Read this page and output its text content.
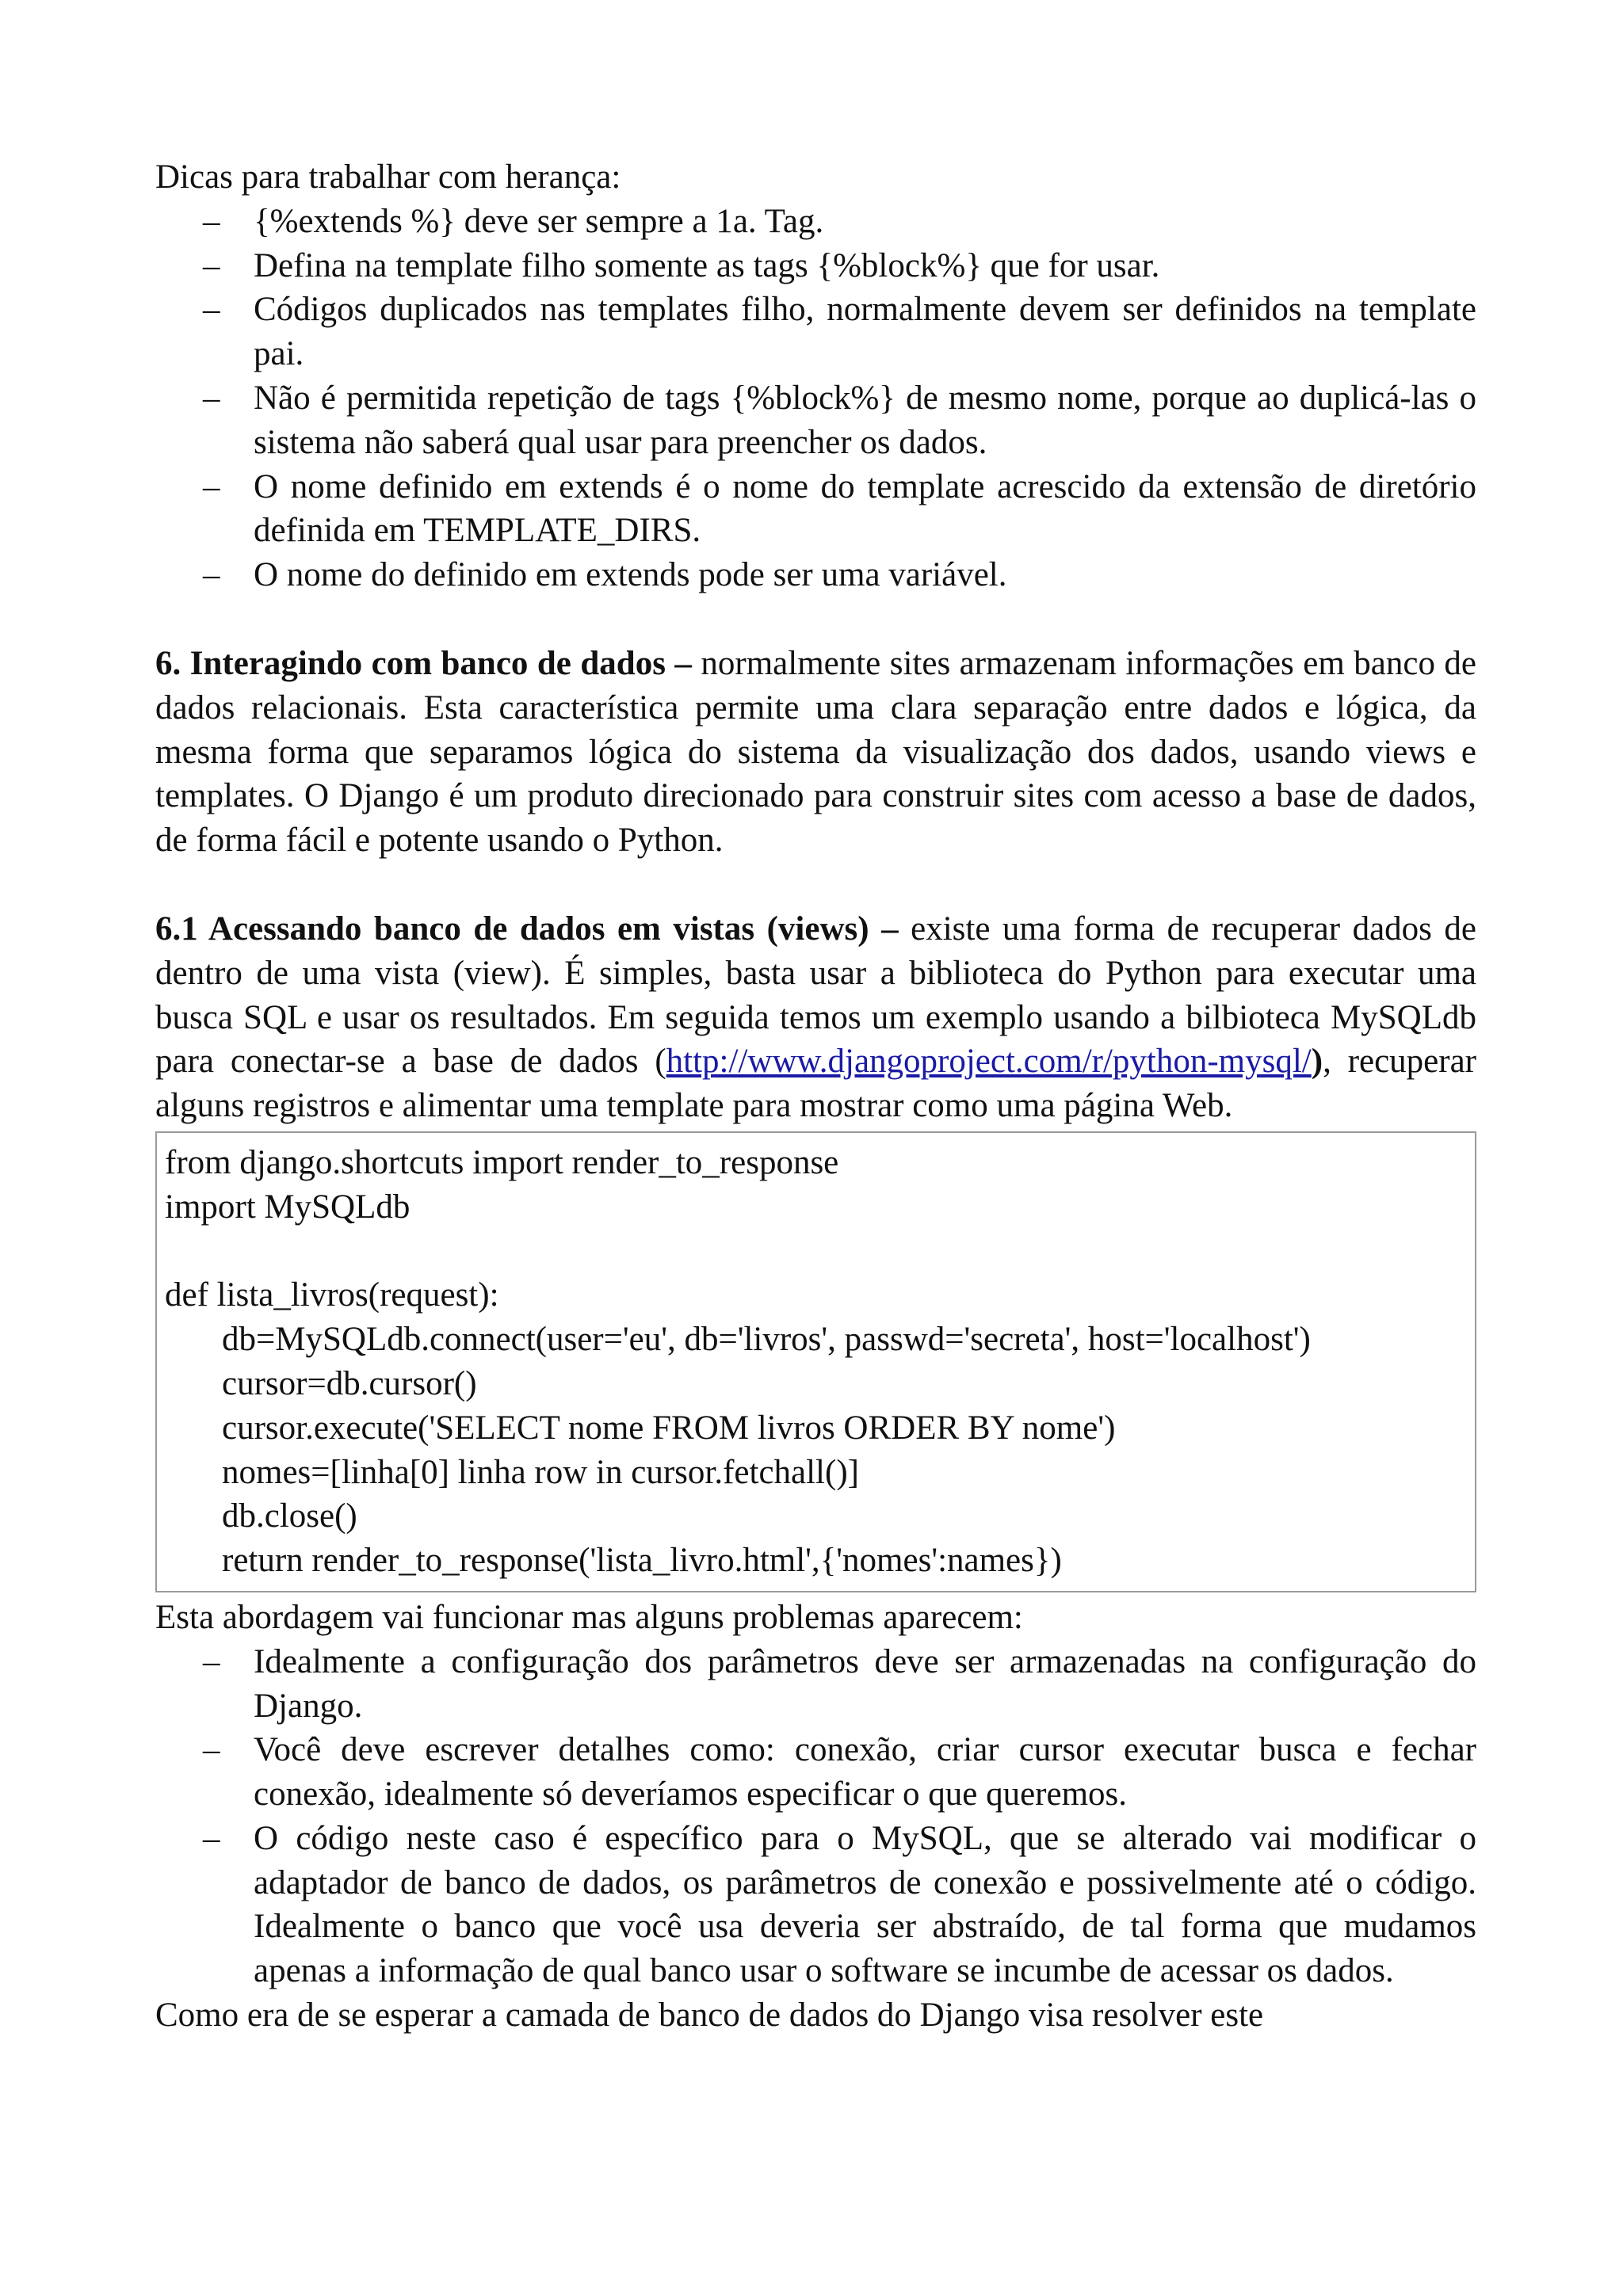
Dicas para trabalhar com herança:

– {%extends %} deve ser sempre a 1a. Tag.
– Defina na template filho somente as tags {%block%} que for usar.
– Códigos duplicados nas templates filho, normalmente devem ser definidos na template pai.
– Não é permitida repetição de tags {%block%} de mesmo nome, porque ao duplicá-las o sistema não saberá qual usar para preencher os dados.
– O nome definido em extends é o nome do template acrescido da extensão de diretório definida em TEMPLATE_DIRS.
– O nome do definido em extends pode ser uma variável.

6. Interagindo com banco de dados – normalmente sites armazenam informações em banco de dados relacionais. Esta característica permite uma clara separação entre dados e lógica, da mesma forma que separamos lógica do sistema da visualização dos dados, usando views e templates. O Django é um produto direcionado para construir sites com acesso a base de dados, de forma fácil e potente usando o Python.

6.1 Acessando banco de dados em vistas (views) – existe uma forma de recuperar dados de dentro de uma vista (view). É simples, basta usar a biblioteca do Python para executar uma busca SQL e usar os resultados. Em seguida temos um exemplo usando a bilbioteca MySQLdb para conectar-se a base de dados (http://www.djangoproject.com/r/python-mysql/), recuperar alguns registros e alimentar uma template para mostrar como uma página Web.

from django.shortcuts import render_to_response
import MySQLdb
def lista_livros(request):
db=MySQLdb.connect(user='eu', db='livros', passwd='secreta', host='localhost')
cursor=db.cursor()
cursor.execute('SELECT nome FROM livros ORDER BY nome')
nomes=[linha[0] linha row in cursor.fetchall()]
db.close()
return render_to_response('lista_livro.html',{'nomes':names})

Esta abordagem vai funcionar mas alguns problemas aparecem:

– Idealmente a configuração dos parâmetros deve ser armazenadas na configuração do Django.
– Você deve escrever detalhes como: conexão, criar cursor executar busca e fechar conexão, idealmente só deveríamos especificar o que queremos.
– O código neste caso é específico para o MySQL, que se alterado vai modificar o adaptador de banco de dados, os parâmetros de conexão e possivelmente até o código. Idealmente o banco que você usa deveria ser abstraído, de tal forma que mudamos apenas a informação de qual banco usar o software se incumbe de acessar os dados.

Como era de se esperar a camada de banco de dados do Django visa resolver este
